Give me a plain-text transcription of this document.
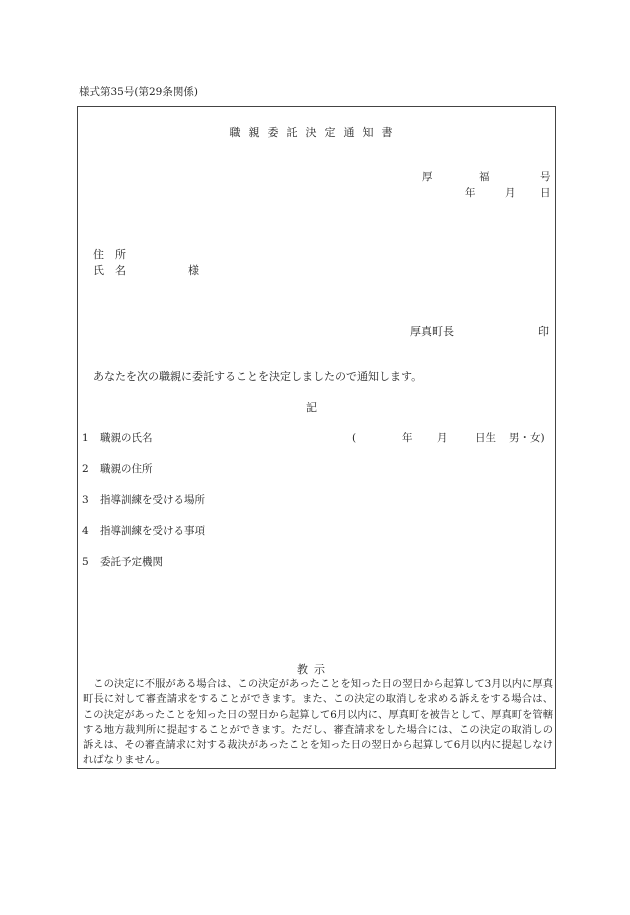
様式第35号(第29条関係)
職親委託決定通知書
厚	福	号
年	月 日
住　所
氏　名	様
厚真町長	印
あなたを次の職親に委託することを決定しましたので通知します。
記
1 職親の氏名	(	年 月	日生 男・女)
2 職親の住所
3 指導訓練を受ける場所
4 指導訓練を受ける事項
5 委託予定機関
教示

この決定に不服がある場合は、この決定があったことを知った日の翌日から起算して3月以内に厚真町長に対して審査請求をすることができます。また、この決定の取消しを求める訴えをする場合は、この決定があったことを知った日の翌日から起算して6月以内に、厚真町を被告として、厚真町を管轄する地方裁判所に提起することができます。ただし、審査請求をした場合には、この決定の取消しの訴えは、その審査請求に対する裁決があったことを知った日の翌日から起算して6月以内に提起しなければなりません。
